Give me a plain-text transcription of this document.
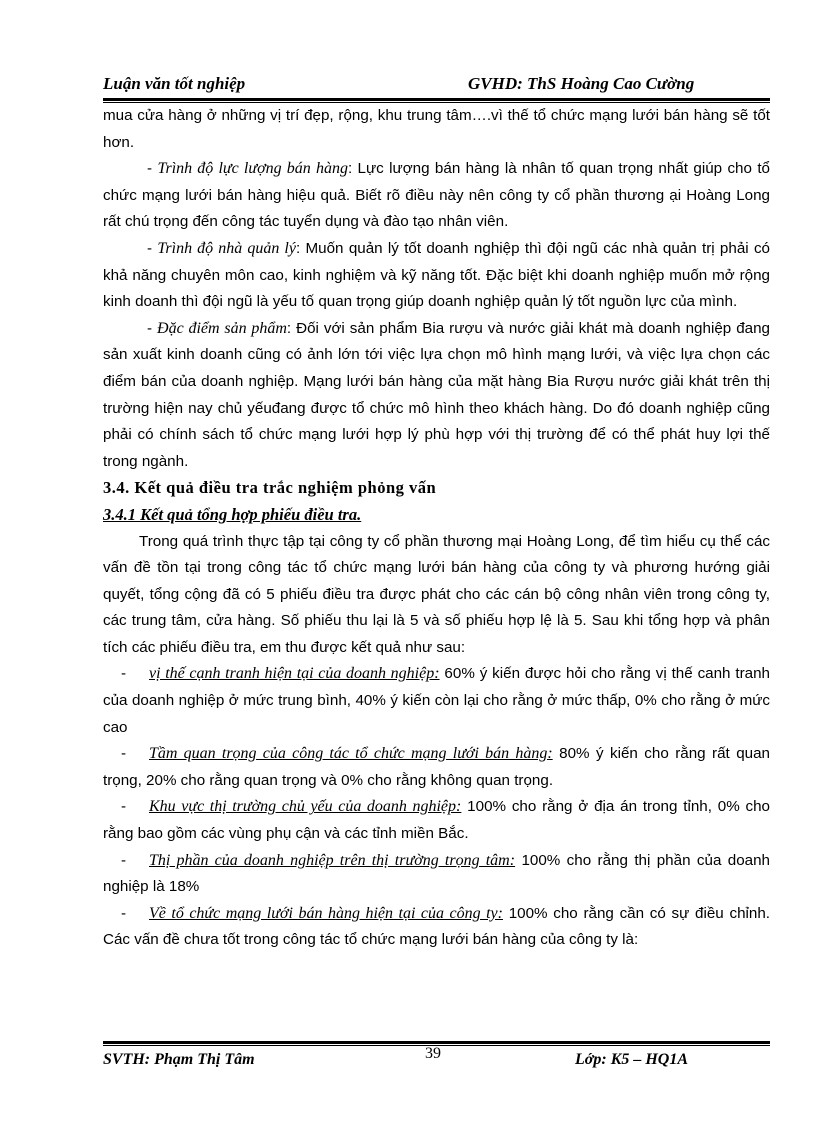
Luận văn tốt nghiệp	GVHD: ThS Hoàng Cao Cường

mua cửa hàng ở những vị trí đẹp, rộng, khu trung tâm….vì thế tổ chức mạng lưới bán hàng sẽ tốt hơn.

- Trình độ lực lượng bán hàng: Lực lượng bán hàng là nhân tố quan trọng nhất giúp cho tổ chức mạng lưới bán hàng hiệu quả. Biết rõ điều này nên công ty cổ phần thương ại Hoàng Long rất chú trọng đến công tác tuyển dụng và đào tạo nhân viên.

- Trình độ nhà quản lý: Muốn quản lý tốt doanh nghiệp thì đội ngũ các nhà quản trị phải có khả năng chuyên môn cao, kinh nghiệm và kỹ năng tốt. Đặc biệt khi doanh nghiệp muốn mở rộng kinh doanh thì đội ngũ là yếu tố quan trọng giúp doanh nghiệp quản lý tốt nguồn lực của mình.

- Đặc điểm sản phẩm: Đối với sản phẩm Bia rượu và nước giải khát mà doanh nghiệp đang sản xuất kinh doanh cũng có ảnh lớn tới việc lựa chọn mô hình mạng lưới, và việc lựa chọn các điểm bán của doanh nghiệp. Mạng lưới bán hàng của mặt hàng Bia Rượu nước giải khát trên thị trường hiện nay chủ yếuđang được tổ chức mô hình theo khách hàng. Do đó doanh nghiệp cũng phải có chính sách tổ chức mạng lưới hợp lý phù hợp với thị trường để có thể phát huy lợi thế trong ngành.

3.4. Kết quả điều tra trắc nghiệm phỏng vấn

3.4.1 Kết quả tổng hợp phiếu điều tra.

Trong quá trình thực tập tại công ty cổ phần thương mại Hoàng Long, để tìm hiểu cụ thể các vấn đề tồn tại trong công tác tổ chức mạng lưới bán hàng của công ty và phương hướng giải quyết, tổng cộng đã có 5 phiếu điều tra được phát cho các cán bộ công nhân viên trong công ty, các trung tâm, cửa hàng. Số phiếu thu lại là 5 và số phiếu hợp lệ là 5. Sau khi tổng hợp và phân tích các phiếu điều tra, em thu được kết quả như sau:

- vị thế cạnh tranh hiện tại của doanh nghiệp: 60% ý kiến được hỏi cho rằng vị thế canh tranh của doanh nghiệp ở mức trung bình, 40% ý kiến còn lại cho rằng ở mức thấp, 0% cho rằng ở mức cao

- Tầm quan trọng của công tác tổ chức mạng lưới bán hàng: 80% ý kiến cho rằng rất quan trọng, 20% cho rằng quan trọng và 0% cho rằng không quan trọng.

- Khu vực thị trường chủ yếu của doanh nghiệp: 100% cho rằng ở địa án trong tỉnh, 0% cho rằng bao gồm các vùng phụ cận và các tỉnh miền Bắc.

- Thị phần của doanh nghiệp trên thị trường trọng tâm: 100% cho rằng thị phần của doanh nghiệp là 18%

- Về tổ chức mạng lưới bán hàng hiện tại của công ty: 100% cho rằng cần có sự điều chỉnh. Các vấn đề chưa tốt trong công tác tổ chức mạng lưới bán hàng của công ty là:

SVTH: Phạm Thị Tâm	39	Lớp: K5 – HQ1A
